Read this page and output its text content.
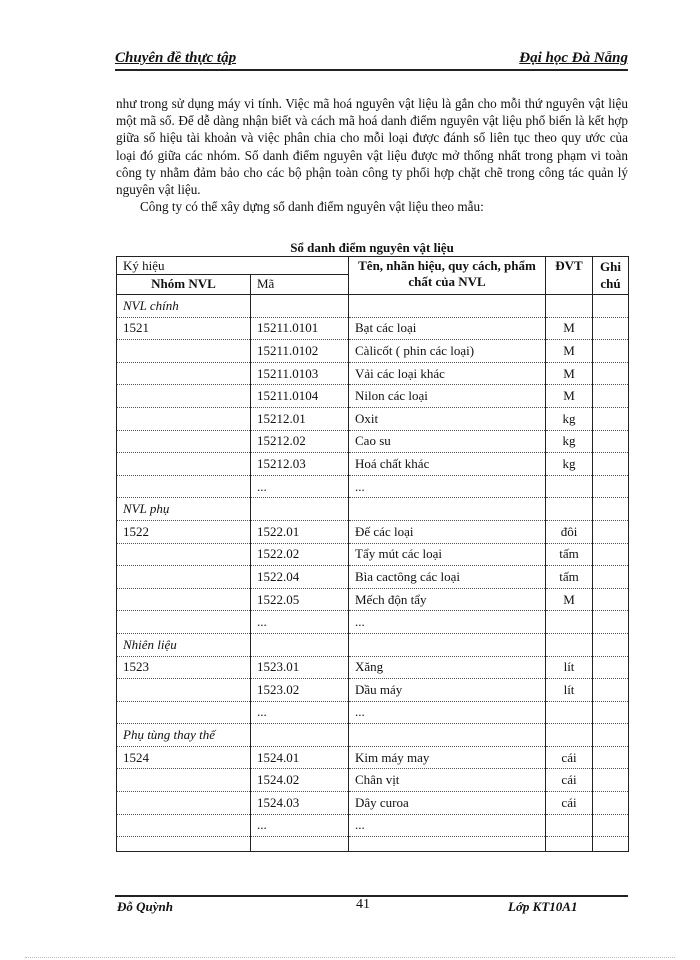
Chuyên đề thực tập	Đại học Đà Nẵng

như trong sử dụng máy vi tính. Việc mã hoá nguyên vật liệu là gắn cho mỗi thứ nguyên vật liệu một mã số. Để dễ dàng nhận biết và cách mã hoá danh điểm nguyên vật liệu phổ biến là kết hợp giữa số hiệu tài khoản và việc phân chia cho mỗi loại được đánh số liên tục theo quy ước của loại đó giữa các nhóm. Sổ danh điểm nguyên vật liệu được mở thống nhất trong phạm vi toàn công ty nhằm đảm bảo cho các bộ phận toàn công ty phối hợp chặt chẽ trong công tác quản lý nguyên vật liệu.

Công ty có thể xây dựng sổ danh điểm nguyên vật liệu theo mẫu:

Sổ danh điểm nguyên vật liệu
Ký hiệu		Tên, nhãn hiệu, quy cách, phẩm chất của NVL	ĐVT	Ghi chú
Nhóm NVL	Mã			
NVL chính				
1521	15211.0101	Bạt các loại	M	
	15211.0102	Càlicốt ( phin các loại)	M	
	15211.0103	Vải các loại khác	M	
	15211.0104	Nilon các loại	M	
	15212.01	Oxit	kg	
	15212.02	Cao su	kg	
	15212.03	Hoá chất khác	kg	
	...	...		
NVL phụ				
1522	1522.01	Đế các loại	đôi	
	1522.02	Tẩy mút các loại	tấm	
	1522.04	Bìa cactông các loại	tấm	
	1522.05	Mếch độn tẩy	M	
	...	...		
Nhiên liệu				
1523	1523.01	Xăng	lít	
	1523.02	Dầu máy	lít	
	...	...		
Phụ tùng thay thế				
1524	1524.01	Kim máy may	cái	
	1524.02	Chân vịt	cái	
	1524.03	Dây curoa	cái	
	...	...		

Đỗ Quỳnh	41	Lớp KT10A1
